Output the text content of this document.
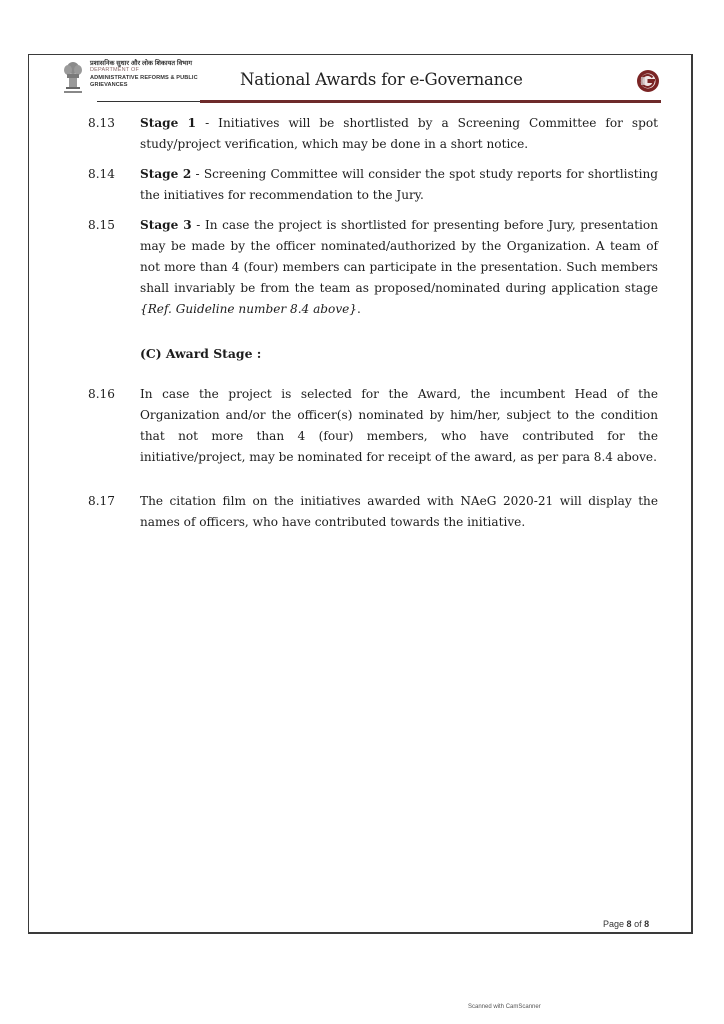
प्रशासनिक सुधार और लोक शिकायत विभाग
DEPARTMENT OF
ADMINISTRATIVE REFORMS & PUBLIC
GRIEVANCES	National Awards for e-Governance
8.13	Stage 1 - Initiatives will be shortlisted by a Screening Committee for spot study/project verification, which may be done in a short notice.
8.14	Stage 2 - Screening Committee will consider the spot study reports for shortlisting the initiatives for recommendation to the Jury.
8.15	Stage 3 - In case the project is shortlisted for presenting before Jury, presentation may be made by the officer nominated/authorized by the Organization. A team of not more than 4 (four) members can participate in the presentation. Such members shall invariably be from the team as proposed/nominated during application stage {Ref. Guideline number 8.4 above}.
(C) Award Stage :
8.16	In case the project is selected for the Award, the incumbent Head of the Organization and/or the officer(s) nominated by him/her, subject to the condition that not more than 4 (four) members, who have contributed for the initiative/project, may be nominated for receipt of the award, as per para 8.4 above.
8.17	The citation film on the initiatives awarded with NAeG 2020-21 will display the names of officers, who have contributed towards the initiative.
Page 8 of 8
Scanned with CamScanner
